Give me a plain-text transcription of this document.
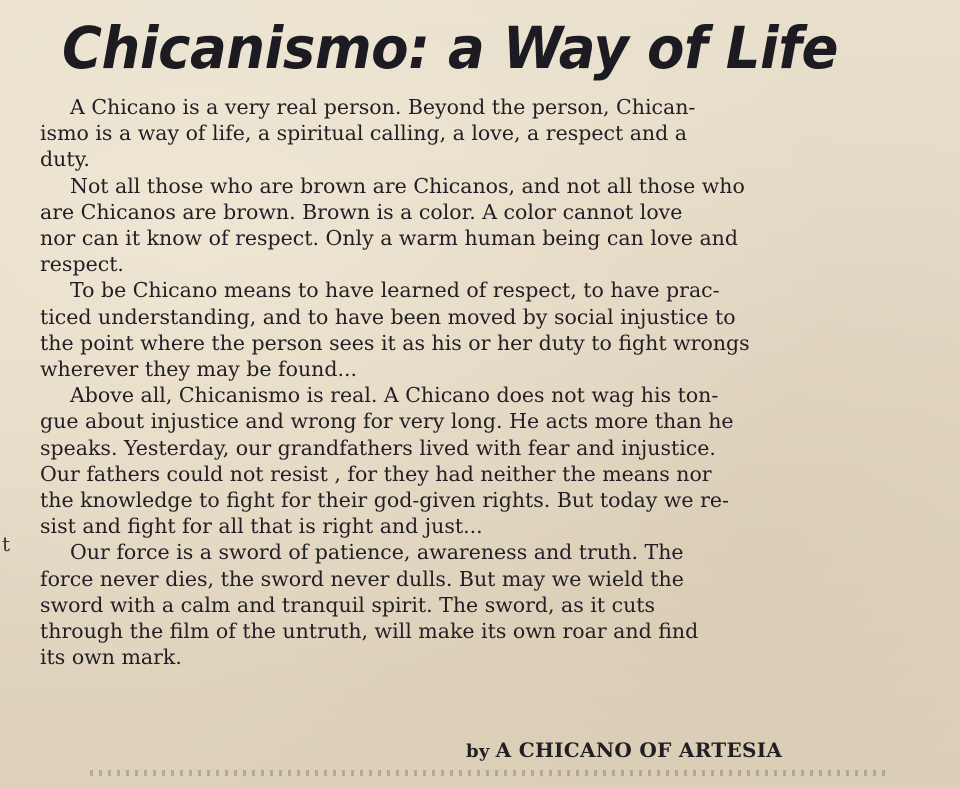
Chicanismo: a Way of Life

A Chicano is a very real person. Beyond the person, Chican-
ismo is a way of life, a spiritual calling, a love, a respect and a
duty.

Not all those who are brown are Chicanos, and not all those who
are Chicanos are brown. Brown is a color. A color cannot love
nor can it know of respect. Only a warm human being can love and
respect.

To be Chicano means to have learned of respect, to have prac-
ticed understanding, and to have been moved by social injustice to
the point where the person sees it as his or her duty to fight wrongs
wherever they may be found...

Above all, Chicanismo is real. A Chicano does not wag his ton-
gue about injustice and wrong for very long. He acts more than he
speaks. Yesterday, our grandfathers lived with fear and injustice.
Our fathers could not resist , for they had neither the means nor
the knowledge to fight for their god-given rights. But today we re-
sist and fight for all that is right and just...

Our force is a sword of patience, awareness and truth. The
force never dies, the sword never dulls. But may we wield the
sword with a calm and tranquil spirit. The sword, as it cuts
through the film of the untruth, will make its own roar and find
its own mark.

by A CHICANO OF ARTESIA
t
